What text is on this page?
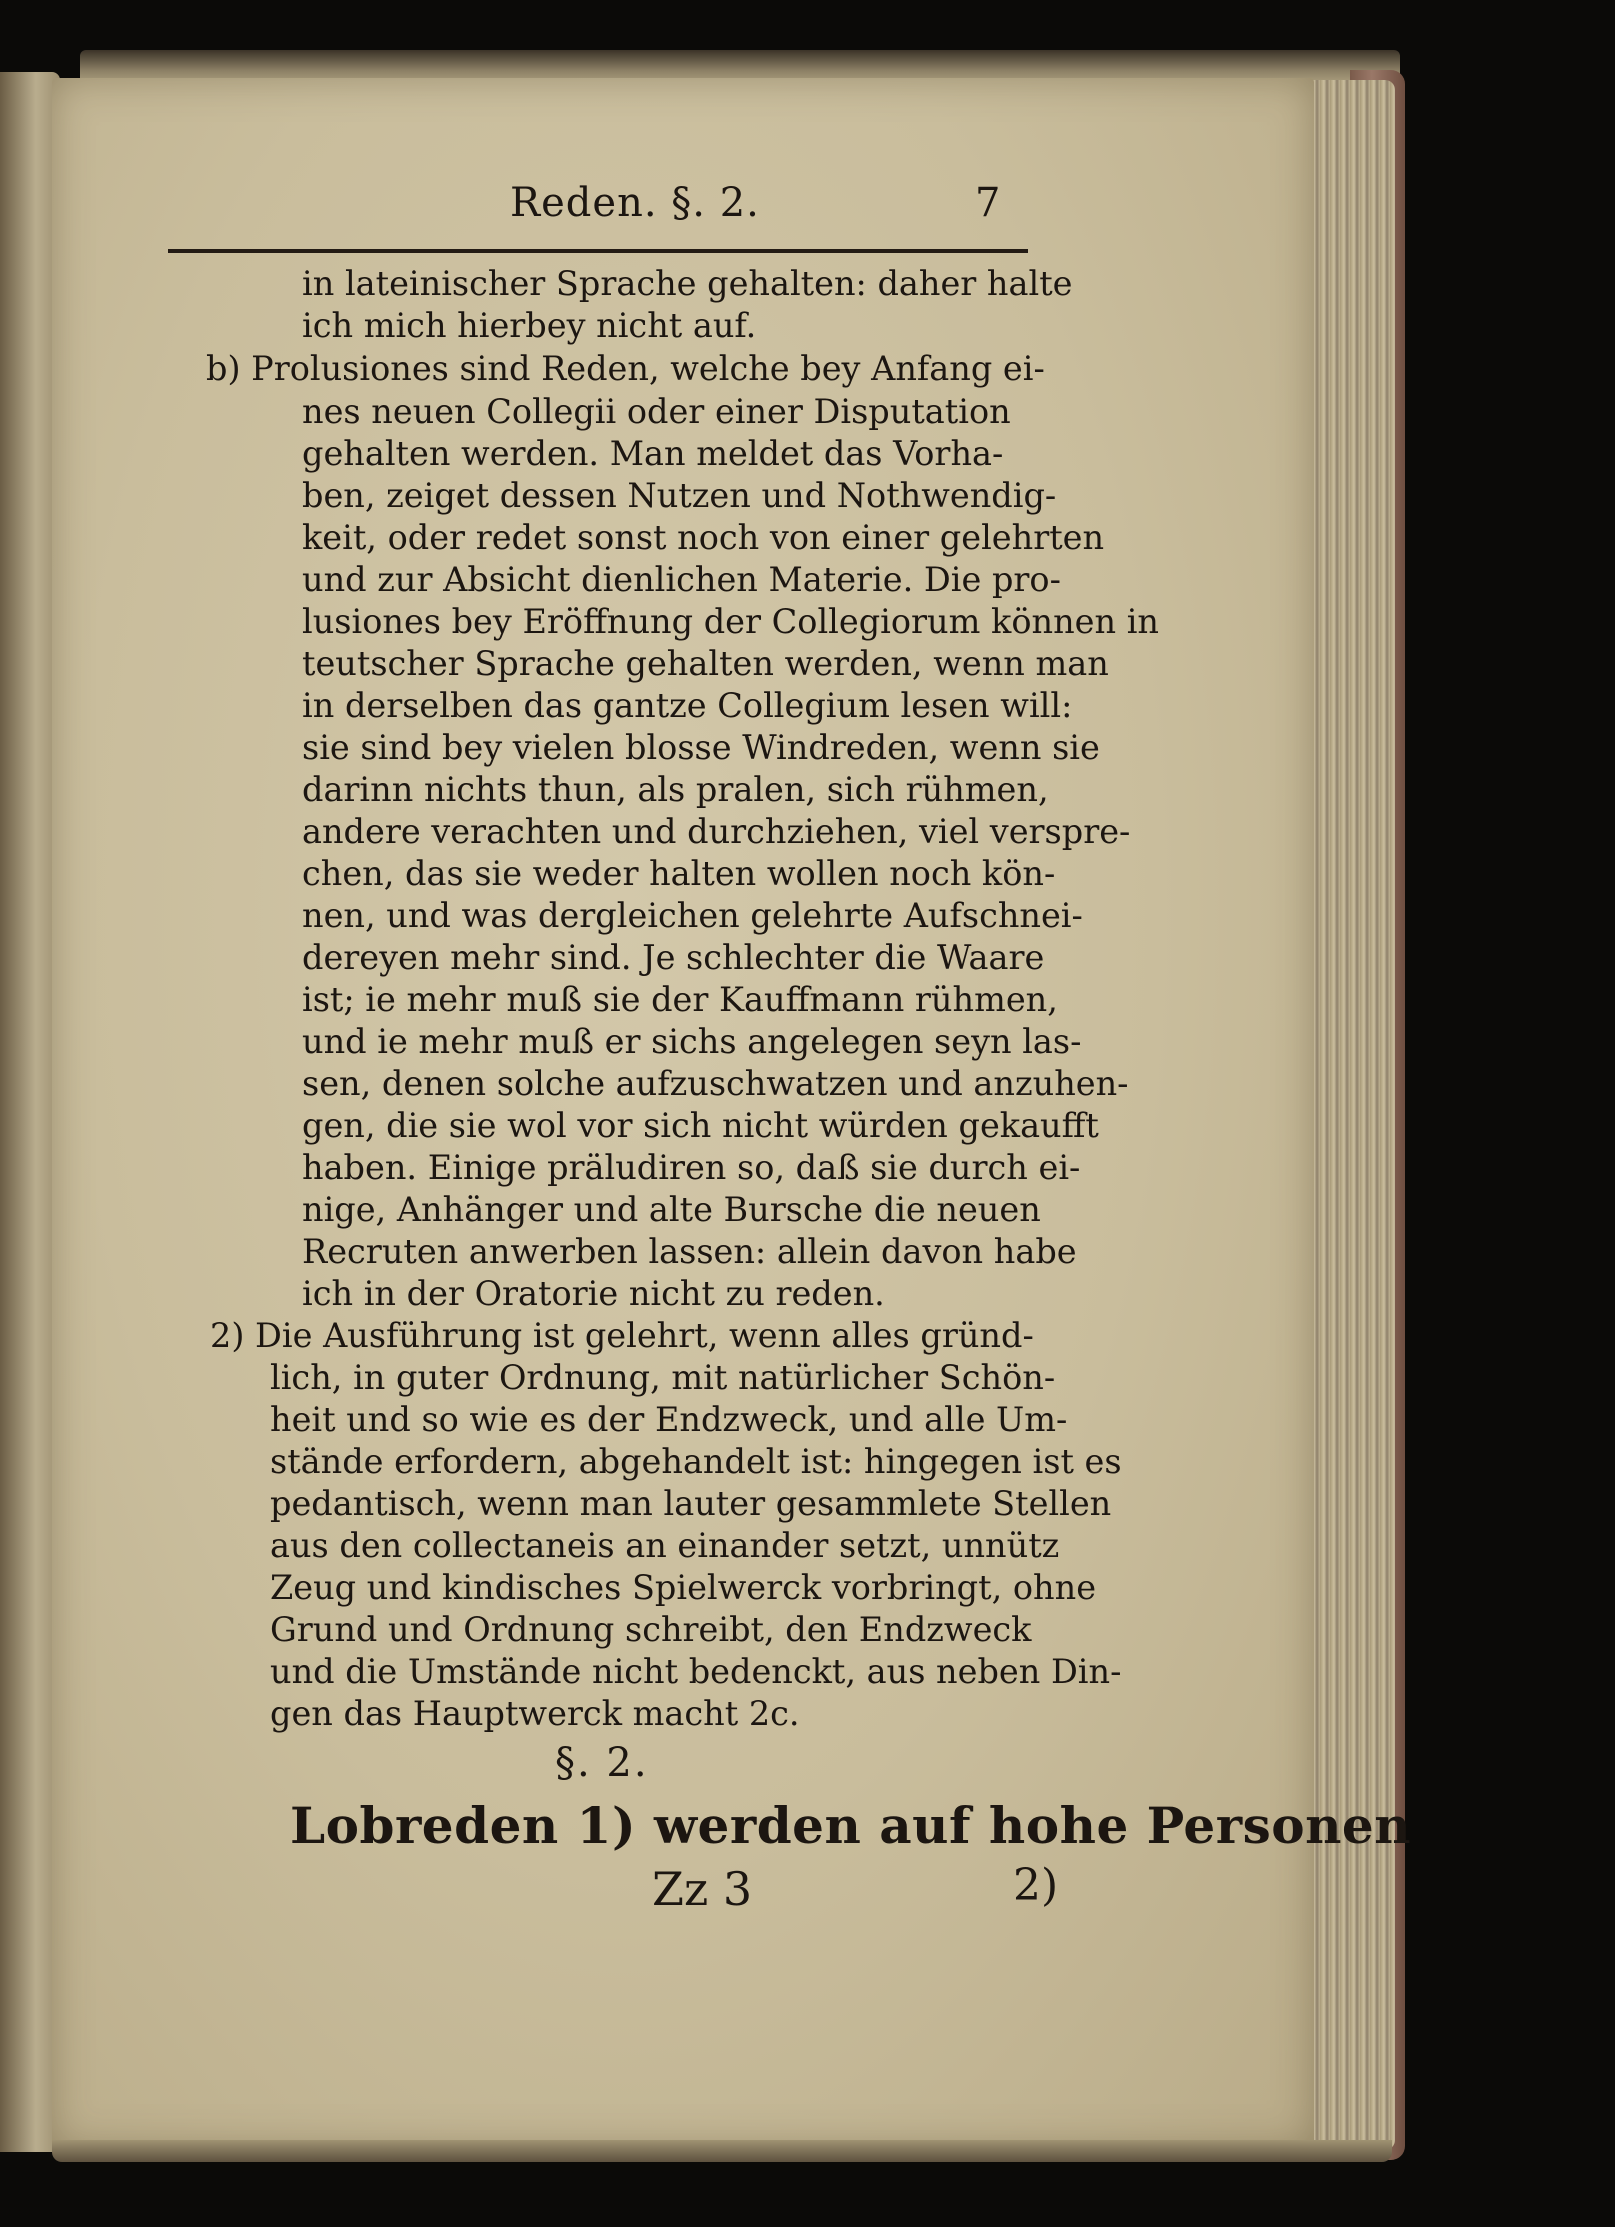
Reden. §. 2.	7
in lateinischer Sprache gehalten: daher halte
ich mich hierbey nicht auf.
b) Prolusiones sind Reden, welche bey Anfang ei-
nes neuen Collegii oder einer Disputation
gehalten werden. Man meldet das Vorha-
ben, zeiget dessen Nutzen und Nothwendig-
keit, oder redet sonst noch von einer gelehrten
und zur Absicht dienlichen Materie. Die pro-
lusiones bey Eröffnung der Collegiorum können in
teutscher Sprache gehalten werden, wenn man
in derselben das gantze Collegium lesen will:
sie sind bey vielen blosse Windreden, wenn sie
darinn nichts thun, als pralen, sich rühmen,
andere verachten und durchziehen, viel verspre-
chen, das sie weder halten wollen noch kön-
nen, und was dergleichen gelehrte Aufschnei-
dereyen mehr sind. Je schlechter die Waare
ist; ie mehr muß sie der Kauffmann rühmen,
und ie mehr muß er sichs angelegen seyn las-
sen, denen solche aufzuschwatzen und anzuhen-
gen, die sie wol vor sich nicht würden gekaufft
haben. Einige präludiren so, daß sie durch ei-
nige, Anhänger und alte Bursche die neuen
Recruten anwerben lassen: allein davon habe
ich in der Oratorie nicht zu reden.
2) Die Ausführung ist gelehrt, wenn alles gründ-
lich, in guter Ordnung, mit natürlicher Schön-
heit und so wie es der Endzweck, und alle Um-
stände erfordern, abgehandelt ist: hingegen ist es
pedantisch, wenn man lauter gesammlete Stellen
aus den collectaneis an einander setzt, unnütz
Zeug und kindisches Spielwerck vorbringt, ohne
Grund und Ordnung schreibt, den Endzweck
und die Umstände nicht bedenckt, aus neben Din-
gen das Hauptwerck macht 2c.
§. 2.
Lobreden 1) werden auf hohe Personen
Zz 3	2)
